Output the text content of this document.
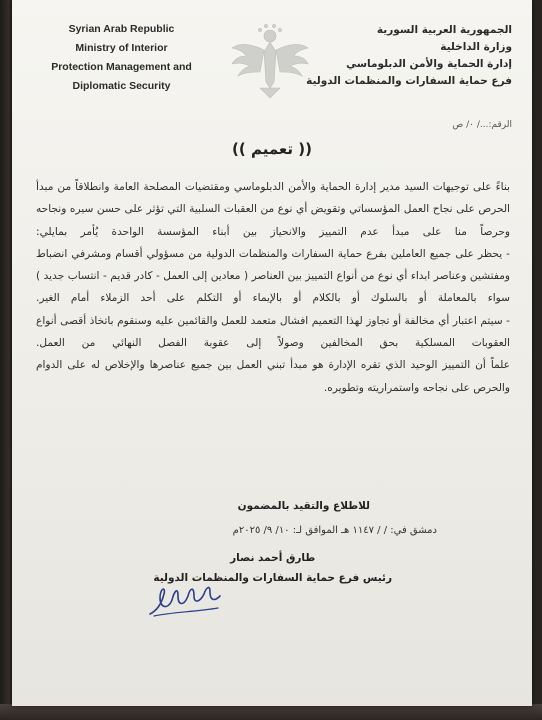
Syrian Arab Republic
Ministry of Interior
Protection Management and
Diplomatic Security
الجمهورية العربية السورية
وزارة الداخلية
إدارة الحماية والأمن الدبلوماسي
فرع حماية السفارات والمنظمات الدولية
الرقم:.../ ٠/ ص
(( تعميم ))

بناءً على توجيهات السيد مدير إدارة الحماية والأمن الدبلوماسي ومقتضيات المصلحة العامة وانطلاقاً من مبدأ الحرص على نجاح العمل المؤسساتي وتقويض أي نوع من العقبات السلبية التي تؤثر على حسن سيره ونجاحه وحرصاً منا على مبدأ عدم التمييز والانحياز بين أبناء المؤسسة الواحدة يُأمر بمايلي:

- يحظر على جميع العاملين بفرع حماية السفارات والمنظمات الدولية من مسؤولي أقسام ومشرفي انضباط ومفتشين وعناصر ابداء أي نوع من أنواع التمييز بين العناصر ( معادين إلى العمل - كادر قديم - انتساب جديد ) سواء بالمعاملة أو بالسلوك أو بالكلام أو بالإيماء أو التكلم على أحد الزملاء أمام الغير.

- سيتم اعتبار أي مخالفة أو تجاوز لهذا التعميم افشال متعمد للعمل والقائمين عليه وسنقوم باتخاذ أقصى أنواع العقوبات المسلكية بحق المخالفين وصولاً إلى عقوبة الفصل النهائي من العمل.

علماً أن التمييز الوحيد الذي تقره الإدارة هو مبدأ تبني العمل بين جميع عناصرها والإخلاص له على الدوام والحرص على نجاحه واستمراريته وتطويره.

للاطلاع والتقيد بالمضمون
دمشق في: / / ١١٤٧ هـ الموافق لـ: ١٠/ ٩/ ٢٠٢٥م
طارق أحمد نصار
رئيس فرع حماية السفارات والمنظمات الدولية
